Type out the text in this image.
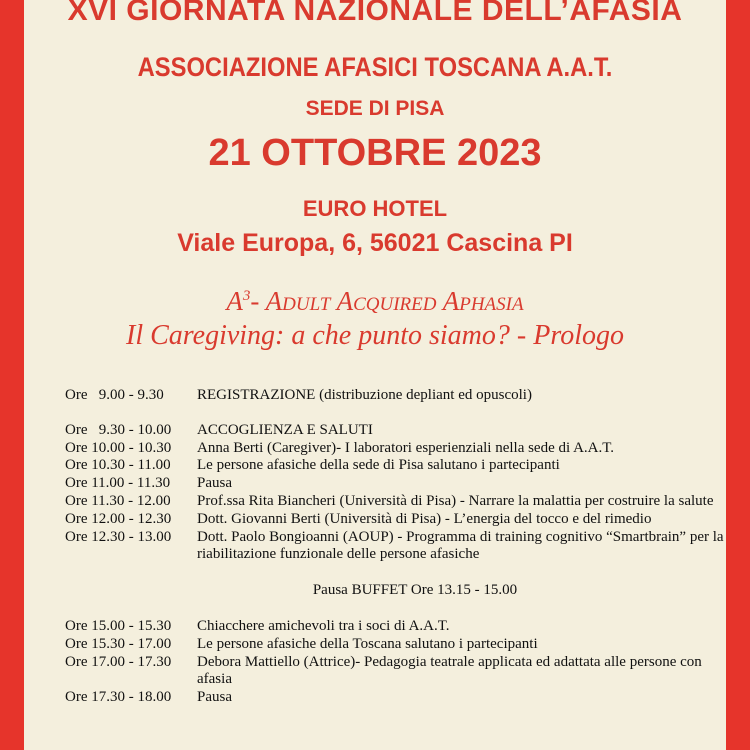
XVI GIORNATA NAZIONALE DELL’AFASIA
ASSOCIAZIONE AFASICI TOSCANA A.A.T.
SEDE DI PISA
21 OTTOBRE 2023
EURO HOTEL
Viale Europa, 6, 56021 Cascina PI
$A^3-$ Adult Acquired Aphasia
Il Caregiving: a che punto siamo? - Prologo
Ore   9.00 - 9.30	REGISTRAZIONE (distribuzione depliant ed opuscoli)
Ore   9.30 - 10.00	ACCOGLIENZA E SALUTI
Ore 10.00 - 10.30	Anna Berti (Caregiver)- I laboratori esperienziali nella sede di A.A.T.
Ore 10.30 - 11.00	Le persone afasiche della sede di Pisa salutano i partecipanti
Ore 11.00 - 11.30	Pausa
Ore 11.30 - 12.00	Prof.ssa Rita Biancheri (Università di Pisa) - Narrare la malattia per costruire la salute
Ore 12.00 - 12.30	Dott. Giovanni Berti (Università di Pisa) - L’energia del tocco e del rimedio
Ore 12.30 - 13.00	Dott. Paolo Bongioanni (AOUP) - Programma di training cognitivo “Smartbrain” per la riabilitazione funzionale delle persone afasiche
Pausa BUFFET Ore 13.15 - 15.00
Ore 15.00 - 15.30	Chiacchere amichevoli tra i soci di A.A.T.
Ore 15.30 - 17.00	Le persone afasiche della Toscana salutano i partecipanti
Ore 17.00 - 17.30	Debora Mattiello (Attrice)- Pedagogia teatrale applicata ed adattata alle persone con afasia
Ore 17.30 - 18.00	Pausa
